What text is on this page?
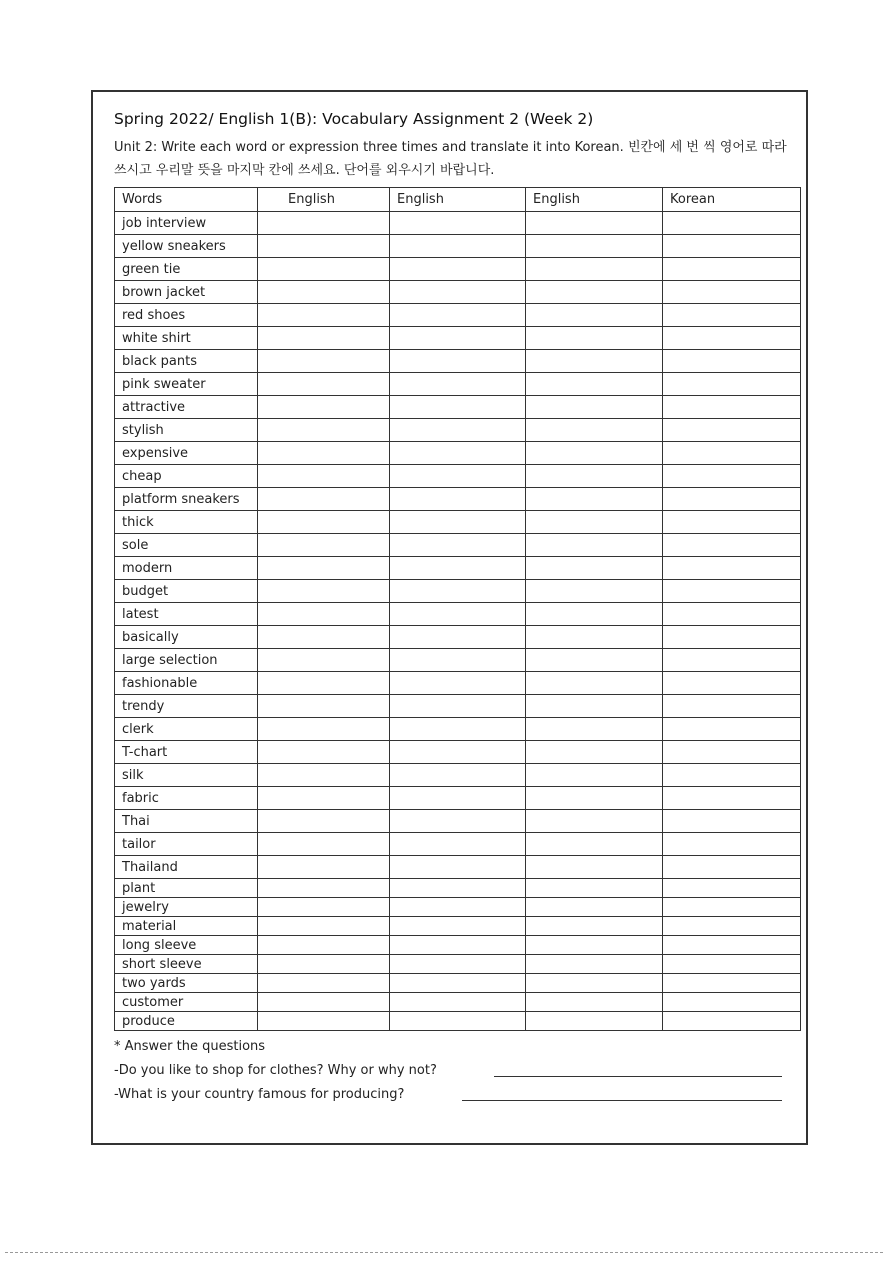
Spring 2022/ English 1(B): Vocabulary Assignment 2 (Week 2)
Unit 2: Write each word or expression three times and translate it into Korean. 빈칸에 세 번 씩 영어로 따라 쓰시고 우리말 뜻을 마지막 칸에 쓰세요. 단어를 외우시기 바랍니다.
Words	English	English	English	Korean
job interview				
yellow sneakers				
green tie				
brown jacket				
red shoes				
white shirt				
black pants				
pink sweater				
attractive				
stylish				
expensive				
cheap				
platform sneakers				
thick				
sole				
modern				
budget				
latest				
basically				
large selection				
fashionable				
trendy				
clerk				
T-chart				
silk				
fabric				
Thai				
tailor				
Thailand				
plant				
jewelry				
material				
long sleeve				
short sleeve				
two yards				
customer				
produce				
* Answer the questions
-Do you like to shop for clothes? Why or why not?
-What is your country famous for producing?
